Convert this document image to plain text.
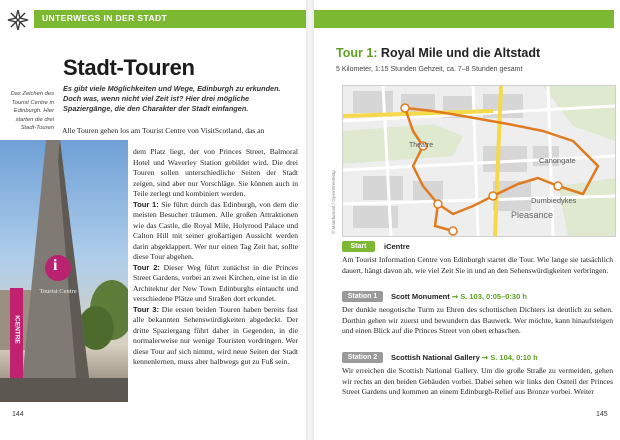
UNTERWEGS IN DER STADT
Stadt-Touren
Es gibt viele Möglichkeiten und Wege, Edinburgh zu erkunden. Doch was, wenn nicht viel Zeit ist? Hier drei mögliche Spaziergänge, die den Charakter der Stadt einfangen.
Das Zeichen des Tourist Centre in Edinburgh. Hier starten die drei Stadt-Touren
i
Tourist Centre
iCENTRE

Alle Touren gehen los am Tourist Centre von VisitScotland, das an

dem Platz liegt, der von Princes Street, Balmoral Hotel und Waverley Station gebildet wird. Die drei Touren sollen unterschiedliche Seiten der Stadt zeigen, sind aber nur Vorschläge. Sie können auch in Teile zerlegt und kombiniert werden.

Tour 1: Sie führt durch das Edinburgh, von dem die meisten Besucher träumen. Alle großen Attraktionen wie das Castle, die Royal Mile, Holyrood Palace und Calton Hill mit seiner großartigen Aussicht werden darin abgeklappert. Wer nur einen Tag Zeit hat, sollte diese Tour abgehen.

Tour 2: Dieser Weg führt zunächst in die Princes Street Gardens, vorbei an zwei Kirchen, eine ist in die Architektur der New Town Edinburghs eintaucht und verschiedene Plätze und Straßen dort erkundet.

Tour 3: Die ersten beiden Touren haben bereits fast alle bekannten Sehenswürdigkeiten abgedeckt. Der dritte Spaziergang führt daher in Gegenden, in die normalerweise nur wenige Touristen vordringen. Wer diese Tour auf sich nimmt, wird neue Seiten der Stadt kennenlernen, muss aber halbwegs gut zu Fuß sein.

144
Tour 1: Royal Mile und die Altstadt
5 Kilometer, 1:15 Stunden Gehzeit, ca. 7–8 Stunden gesamt
© Mairdumont / OpenStreetMap
Theatre
Canongate
Dumbiedykes
Pleasance
Start	iCentre
Am Tourist Information Centre von Edinburgh startet die Tour. Wie lange sie tatsächlich dauert, hängt davon ab, wie viel Zeit Sie in und an den Sehenswürdigkeiten verbringen.
Station 1	Scott Monument ➞ S. 103, 0:05–0:30 h
Der dunkle neogotische Turm zu Ehren des schottischen Dichters ist deutlich zu sehen. Dorthin gehen wir zuerst und bewundern das Bauwerk. Wer möchte, kann hinaufsteigen und einen Blick auf die Princes Street von oben erhaschen.
Station 2	Scottish National Gallery ➞ S. 104, 0:10 h
Wir erreichen die Scottish National Gallery. Um die große Straße zu vermeiden, gehen wir rechts an den beiden Gebäuden vorbei. Dabei sehen wir links den Ostteil der Princes Street Gardens und kommen an einem Edinburgh-Relief aus Bronze vorbei. Weiter
145
